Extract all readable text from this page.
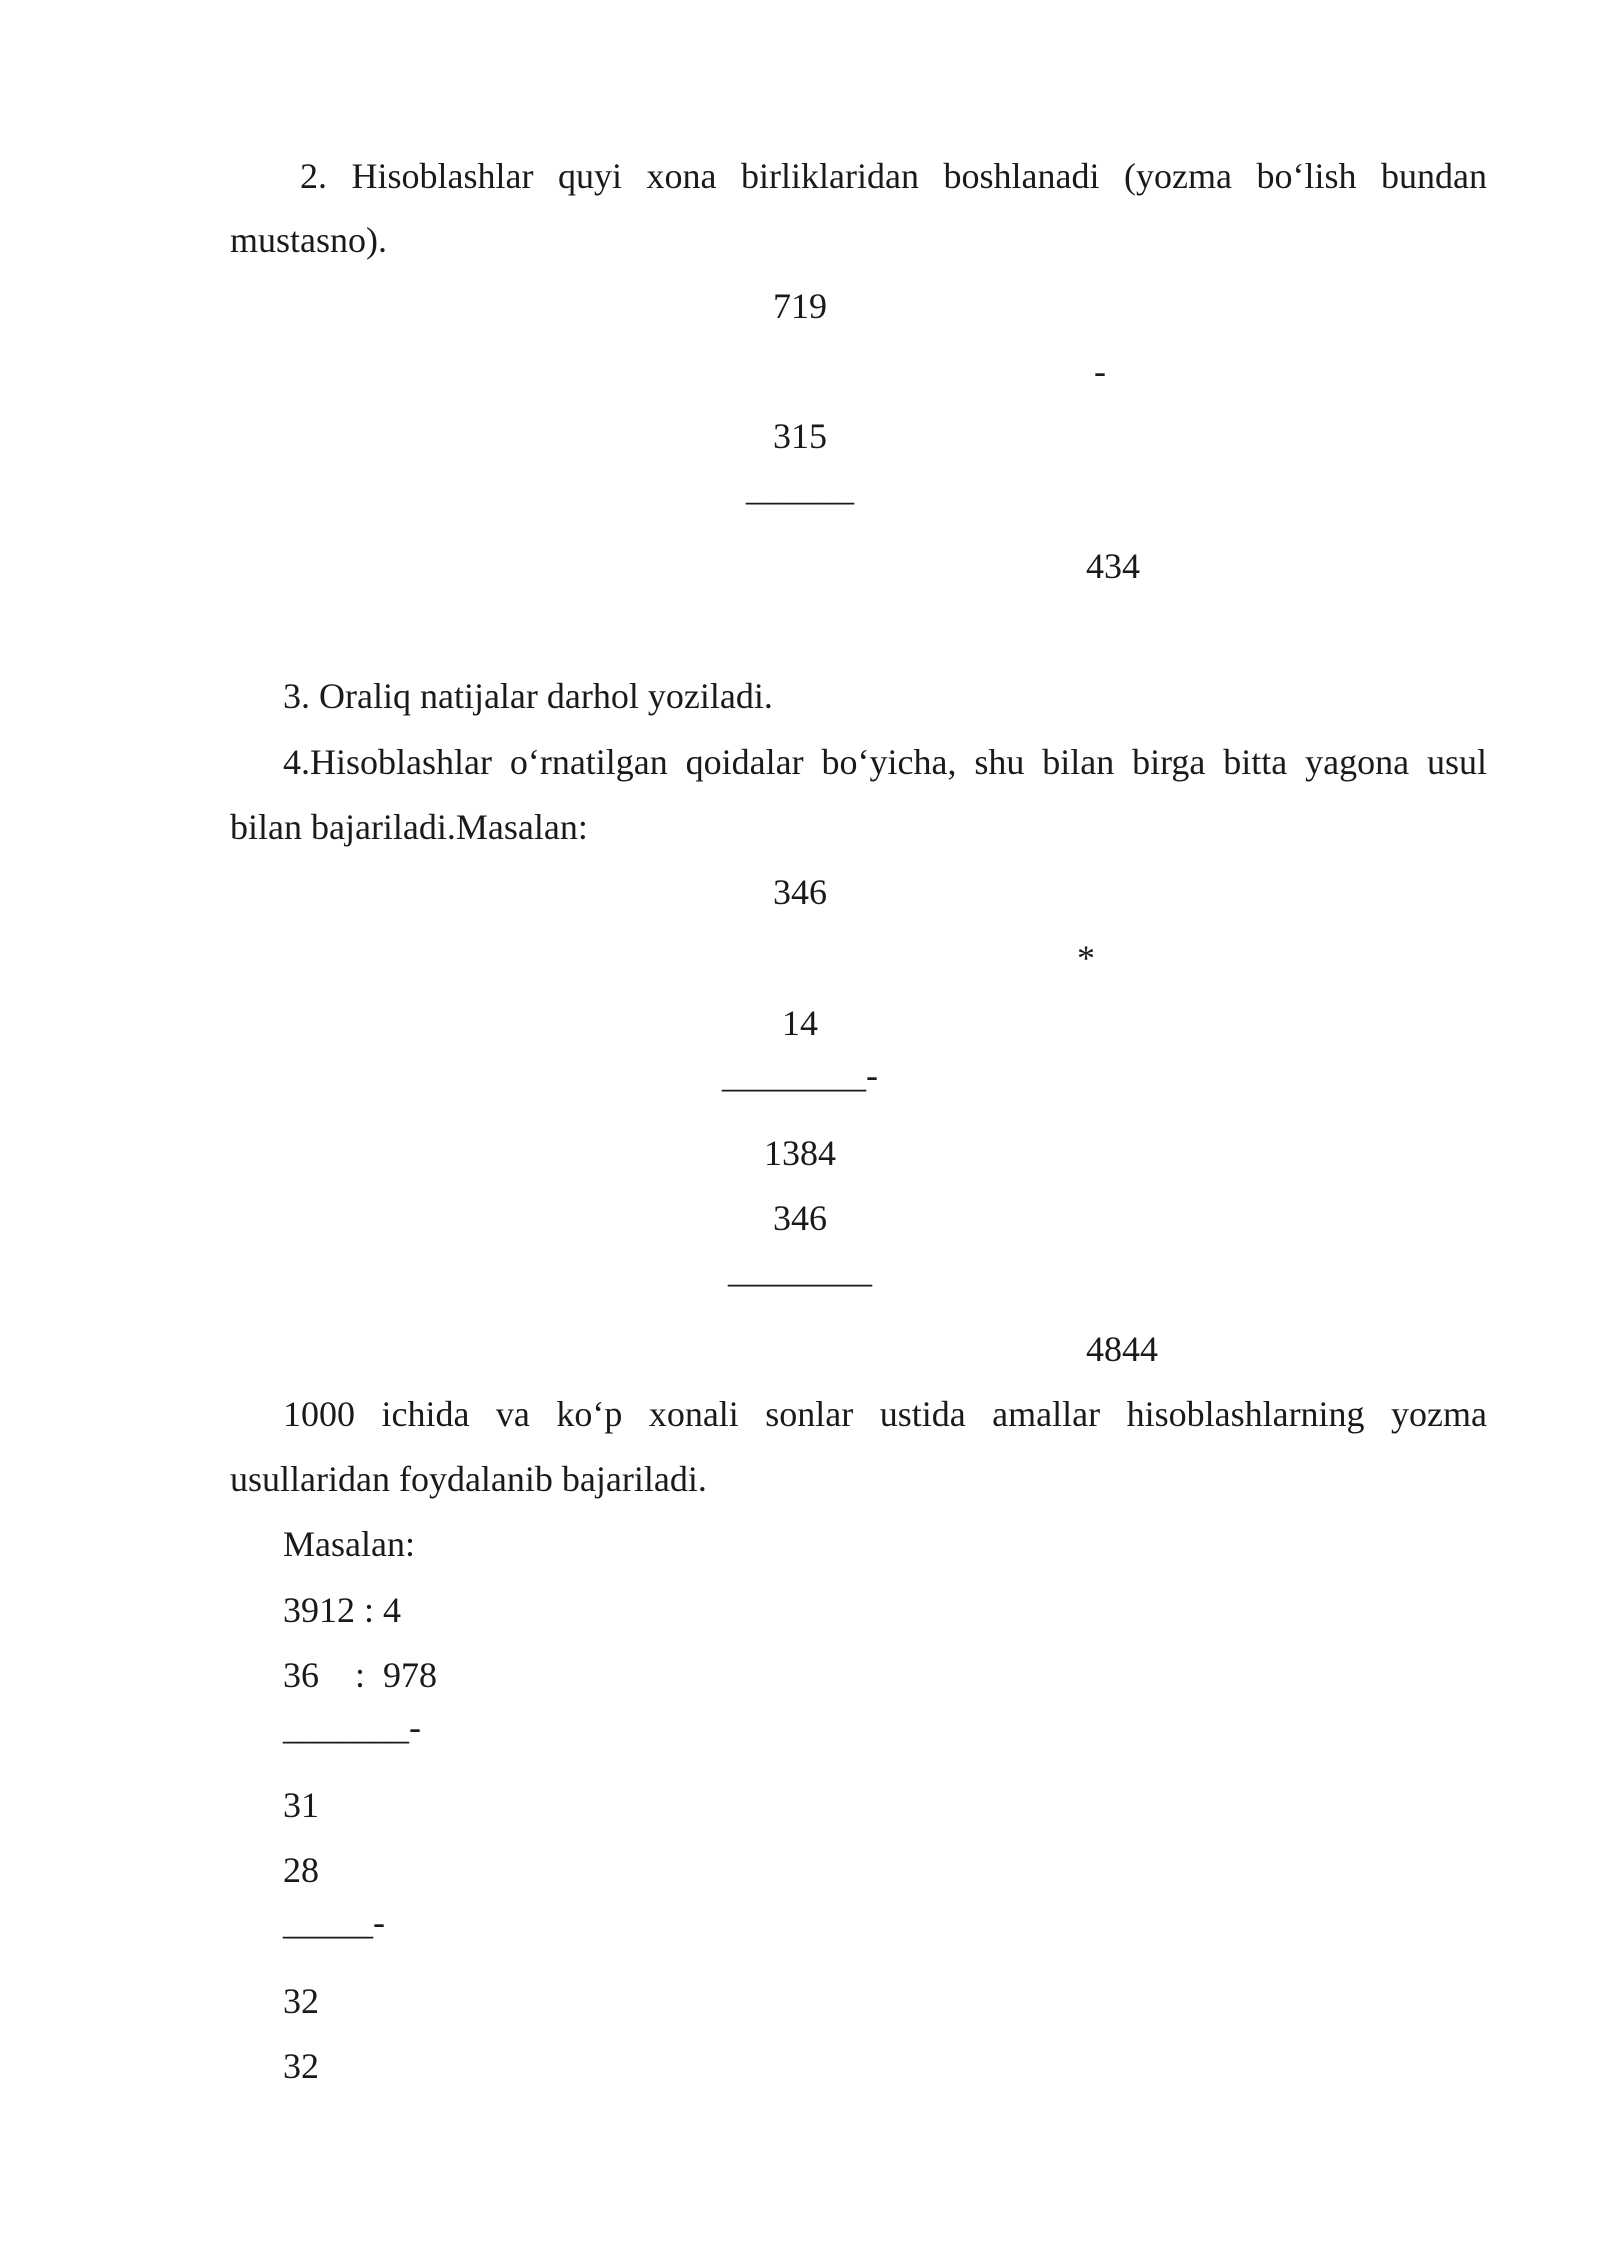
2. Hisoblashlar quyi xona birliklaridan boshlanadi (yozma bo‘lish bundan

mustasno).

719

-

315

______

434

3. Oraliq natijalar darhol yoziladi.

4.Hisoblashlar o‘rnatilgan qoidalar bo‘yicha, shu bilan birga bitta yagona usul

bilan bajariladi.Masalan:

346

*

14

________-

1384

346

________

4844

1000 ichida va ko‘p xonali sonlar ustida amallar hisoblashlarning yozma

usullaridan foydalanib bajariladi.

Masalan:

3912 : 4

36    :  978

_______-

31

28

_____-

32

32
